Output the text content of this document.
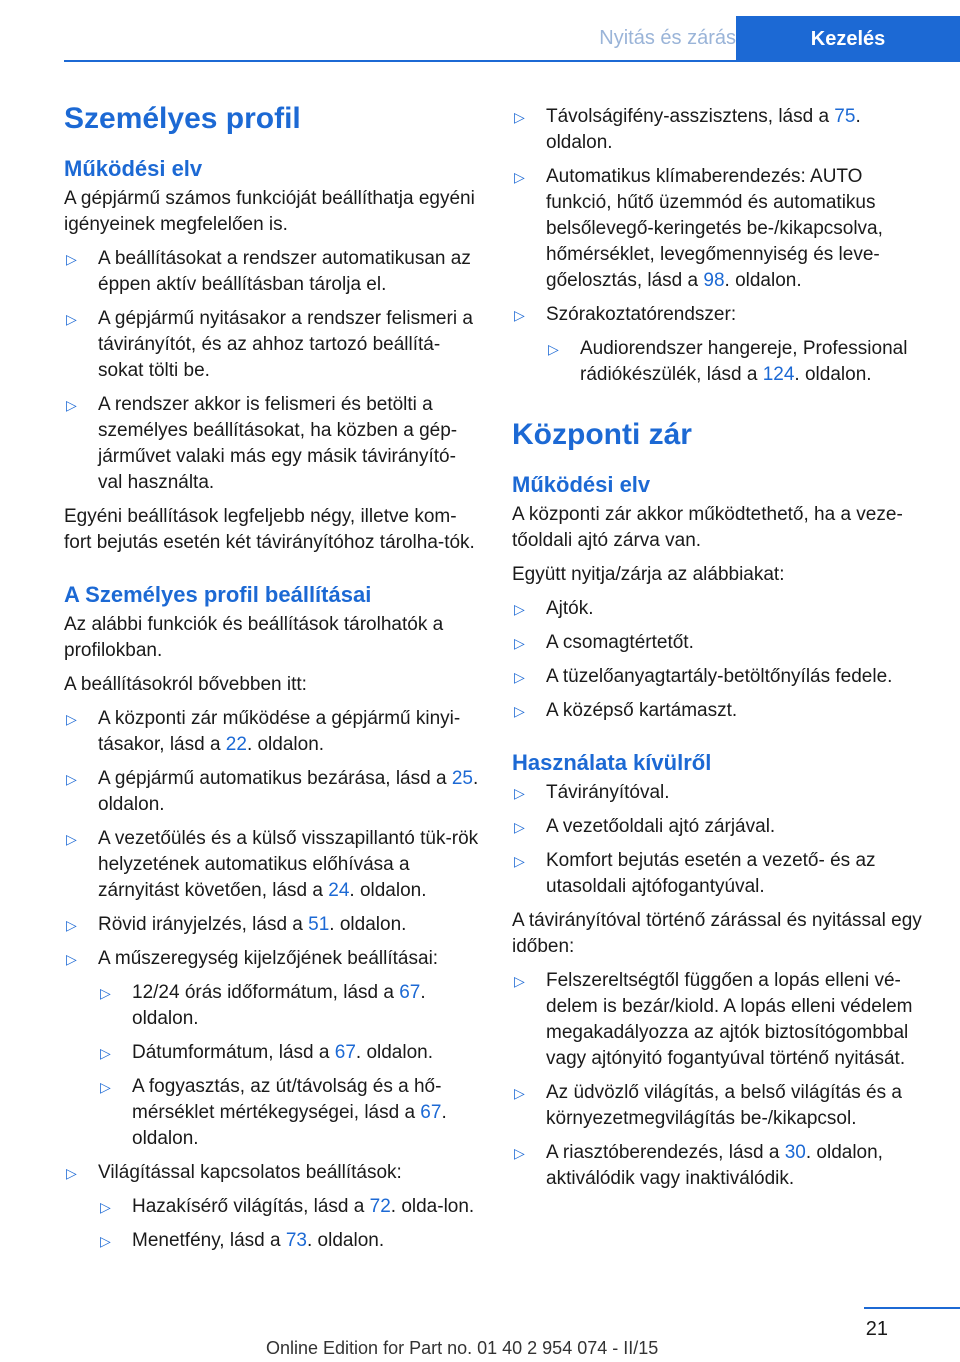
Nyitás és zárás	Kezelés
Személyes profil
Működési elv

A gépjármű számos funkcióját beállíthatja egyéni igényeinek megfelelően is.

▷ A beállításokat a rendszer automatikusan az éppen aktív beállításban tárolja el.
▷ A gépjármű nyitásakor a rendszer felismeri a távirányítót, és az ahhoz tartozó beállítá-sokat tölti be.
▷ A rendszer akkor is felismeri és betölti a személyes beállításokat, ha közben a gép-járművet valaki más egy másik távirányító-val használta.

Egyéni beállítások legfeljebb négy, illetve kom-fort bejutás esetén két távirányítóhoz tárolha-tók.

A Személyes profil beállításai

Az alábbi funkciók és beállítások tárolhatók a profilokban.

A beállításokról bővebben itt:

▷ A központi zár működése a gépjármű kinyi-tásakor, lásd a 22. oldalon.
▷ A gépjármű automatikus bezárása, lásd a 25. oldalon.
▷ A vezetőülés és a külső visszapillantó tük-rök helyzetének automatikus előhívása a zárnyitást követően, lásd a 24. oldalon.
▷ Rövid irányjelzés, lásd a 51. oldalon.
▷ A műszeregység kijelzőjének beállításai:
▷ 12/24 órás időformátum, lásd a 67. oldalon.
▷ Dátumformátum, lásd a 67. oldalon.
▷ A fogyasztás, az út/távolság és a hő-mérséklet mértékegységei, lásd a 67. oldalon.
▷ Világítással kapcsolatos beállítások:
▷ Hazakísérő világítás, lásd a 72. olda-lon.
▷ Menetfény, lásd a 73. oldalon.
▷ Távolságifény-asszisztens, lásd a 75. oldalon.
▷ Automatikus klímaberendezés: AUTO funkció, hűtő üzemmód és automatikus belsőlevegő-keringetés be-/kikapcsolva, hőmérséklet, levegőmennyiség és leve-gőelosztás, lásd a 98. oldalon.
▷ Szórakoztatórendszer:
▷ Audiorendszer hangereje, Professional rádiókészülék, lásd a 124. oldalon.
Központi zár
Működési elv

A központi zár akkor működtethető, ha a veze-tőoldali ajtó zárva van.

Együtt nyitja/zárja az alábbiakat:

▷ Ajtók.
▷ A csomagtértetőt.
▷ A tüzelőanyagtartály-betöltőnyílás fedele.
▷ A középső kartámaszt.
Használata kívülről
▷ Távirányítóval.
▷ A vezetőoldali ajtó zárjával.
▷ Komfort bejutás esetén a vezető- és az utasoldali ajtófogantyúval.

A távirányítóval történő zárással és nyitással egy időben:

▷ Felszereltségtől függően a lopás elleni vé-delem is bezár/kiold. A lopás elleni védelem megakadályozza az ajtók biztosítógombbal vagy ajtónyitó fogantyúval történő nyitását.
▷ Az üdvözlő világítás, a belső világítás és a környezetmegvilágítás be-/kikapcsol.
▷ A riasztóberendezés, lásd a 30. oldalon, aktiválódik vagy inaktiválódik.
21
Online Edition for Part no. 01 40 2 954 074 - II/15
